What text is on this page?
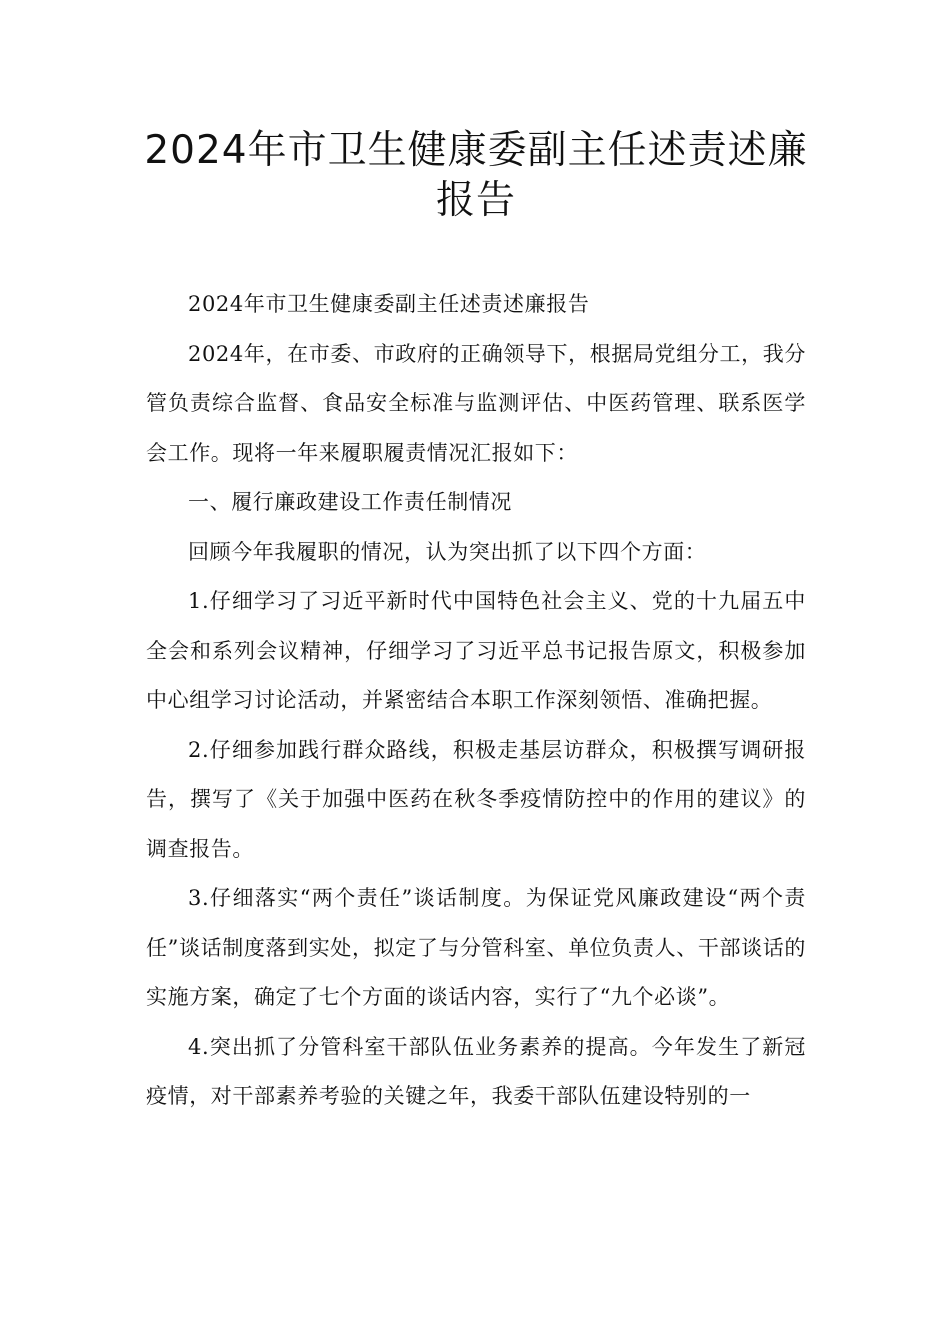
2024年市卫生健康委副主任述责述廉报告

2024年市卫生健康委副主任述责述廉报告

2024年，在市委、市政府的正确领导下，根据局党组分工，我分管负责综合监督、食品安全标准与监测评估、中医药管理、联系医学会工作。现将一年来履职履责情况汇报如下：

一、履行廉政建设工作责任制情况

回顾今年我履职的情况，认为突出抓了以下四个方面：

1.仔细学习了习近平新时代中国特色社会主义、党的十九届五中全会和系列会议精神，仔细学习了习近平总书记报告原文，积极参加中心组学习讨论活动，并紧密结合本职工作深刻领悟、准确把握。

2.仔细参加践行群众路线，积极走基层访群众，积极撰写调研报告，撰写了《关于加强中医药在秋冬季疫情防控中的作用的建议》的调查报告。

3.仔细落实“两个责任”谈话制度。为保证党风廉政建设“两个责任”谈话制度落到实处，拟定了与分管科室、单位负责人、干部谈话的实施方案，确定了七个方面的谈话内容，实行了“九个必谈”。

4.突出抓了分管科室干部队伍业务素养的提高。今年发生了新冠疫情，对干部素养考验的关键之年，我委干部队伍建设特别的一
